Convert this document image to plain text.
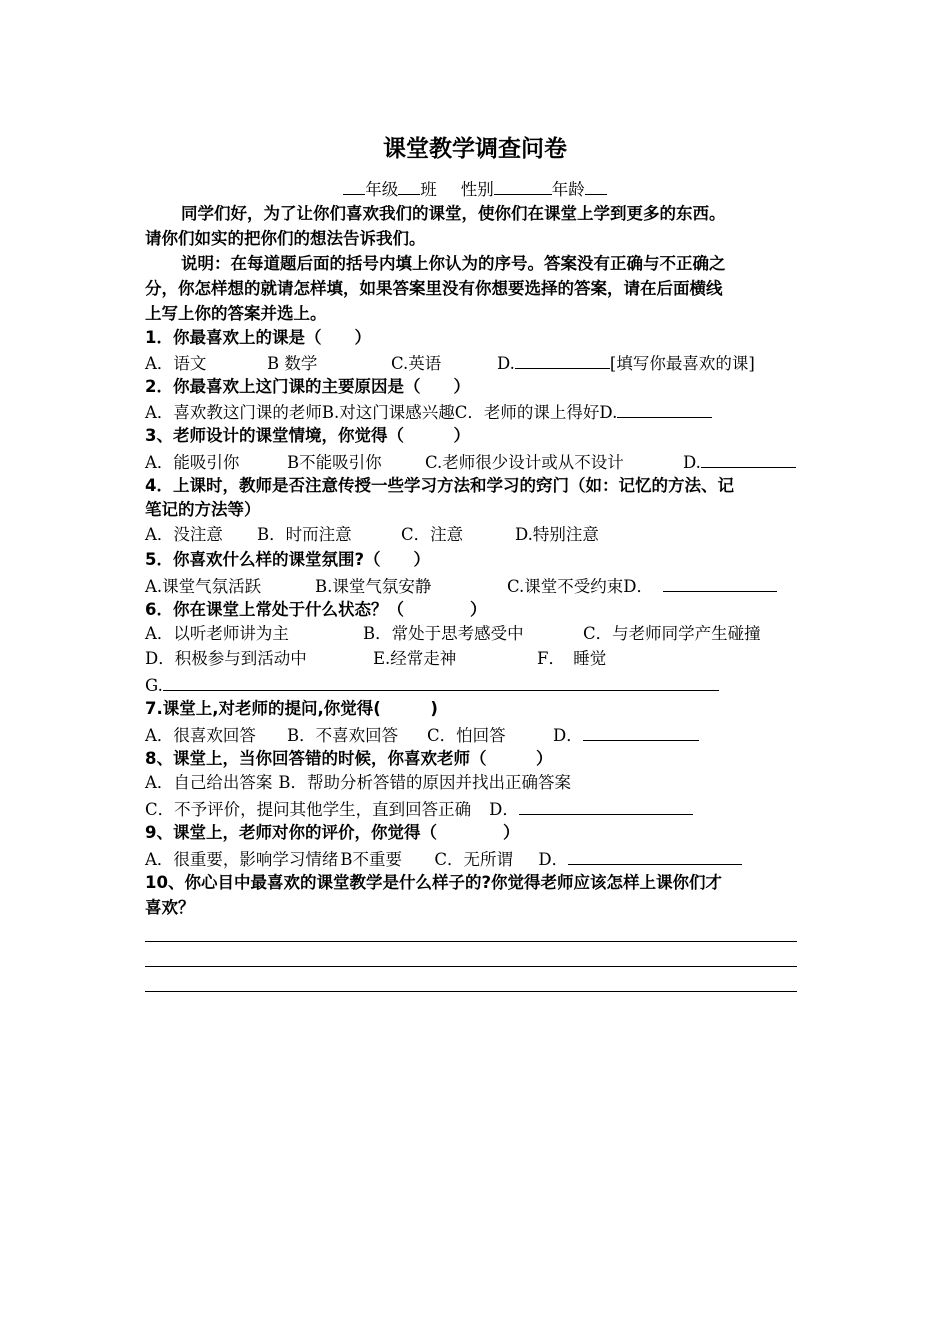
课堂教学调查问卷
年级 班 性别	年龄
同学们好，为了让你们喜欢我们的课堂，使你们在课堂上学到更多的东西。
请你们如实的把你们的想法告诉我们。
说明：在每道题后面的括号内填上你认为的序号。答案没有正确与不正确之
分，你怎样想的就请怎样填，如果答案里没有你想要选择的答案，请在后面横线
上写上你的答案并选上。
1．你最喜欢上的课是（　　）
A．语文	B 数学	C.英语	D.	[填写你最喜欢的课]
2．你最喜欢上这门课的主要原因是（　　）
A．喜欢教这门课的老师B.对这门课感兴趣C．老师的课上得好D.
3、老师设计的课堂情境，你觉得（　　　）
A．能吸引你	B不能吸引你	C.老师很少设计或从不设计	D.
4．上课时，教师是否注意传授一些学习方法和学习的窍门（如：记忆的方法、记
笔记的方法等）
A．没注意 B．时而注意	C．注意	D.特别注意
5．你喜欢什么样的课堂氛围?（　　）
A.课堂气氛活跃	B.课堂气氛安静	C.课堂不受约束D．
6．你在课堂上常处于什么状态？（　　　　）
A．以听老师讲为主	B．常处于思考感受中	C．与老师同学产生碰撞
D．积极参与到活动中	E.经常走神	F．　睡觉
G.
7.课堂上,对老师的提问,你觉得(　　　)
A．很喜欢回答 B．不喜欢回答 C．怕回答	D．
8、课堂上，当你回答错的时候，你喜欢老师（　　　）
A．自己给出答案 B．帮助分析答错的原因并找出正确答案
C．不予评价，提问其他学生，直到回答正确 D．
9、课堂上，老师对你的评价，你觉得（　　　　）
A．很重要，影响学习情绪 B不重要 C．无所谓 D．
10、你心目中最喜欢的课堂教学是什么样子的?你觉得老师应该怎样上课你们才
喜欢？
